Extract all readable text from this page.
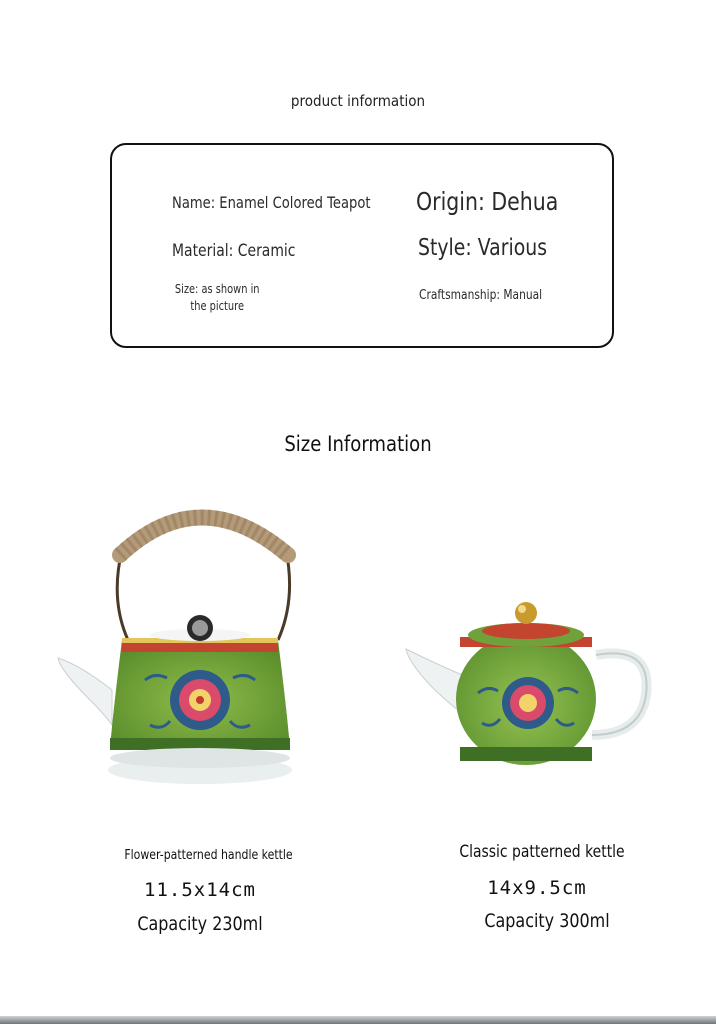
product information
Name: Enamel Colored Teapot Origin: Dehua
Material: Ceramic	Style: Various
Size: as shown in the picture
Craftsmanship: Manual
Size Information
Flower-patterned handle kettle
11.5x14cm
Capacity 230ml
Classic patterned kettle
14x9.5cm
Capacity 300ml
